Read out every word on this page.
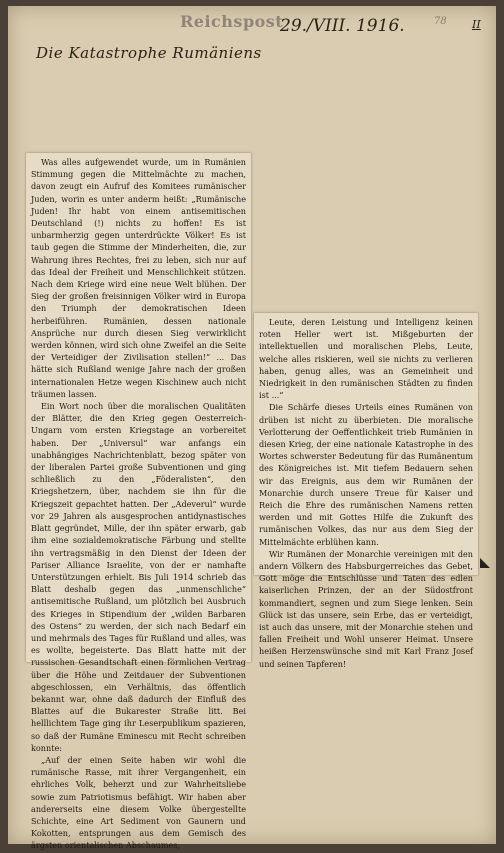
Reichspost
29./VIII. 1916.	78 II
Die Katastrophe Rumäniens

Was alles aufgewendet wurde, um in Rumänien Stimmung gegen die Mittelmächte zu machen, davon zeugt ein Aufruf des Komitees rumänischer Juden, worin es unter anderm heißt: „Rumänische Juden! Ihr habt von einem antisemitischen Deutschland (!) nichts zu hoffen! Es ist unbarmherzig gegen unterdrückte Völker! Es ist taub gegen die Stimme der Minderheiten, die, zur Wahrung ihres Rechtes, frei zu leben, sich nur auf das Ideal der Freiheit und Menschlichkeit stützen. Nach dem Kriege wird eine neue Welt blühen. Der Sieg der großen freisinnigen Völker wird in Europa den Triumph der demokratischen Ideen herbeiführen. Rumänien, dessen nationale Ansprüche nur durch diesen Sieg verwirklicht werden können, wird sich ohne Zweifel an die Seite der Verteidiger der Zivilisation stellen!“ ... Das hätte sich Rußland wenige Jahre nach der großen internationalen Hetze wegen Kischinew auch nicht träumen lassen.

Ein Wort noch über die moralischen Qualitäten der Blätter, die den Krieg gegen Oesterreich-Ungarn vom ersten Kriegstage an vorbereitet haben. Der „Universul“ war anfangs ein unabhängiges Nachrichtenblatt, bezog später von der liberalen Partei große Subventionen und ging schließlich zu den „Föderalisten“, den Kriegshetzern, über, nachdem sie ihn für die Kriegszeit gepachtet hatten. Der „Adeverul“ wurde vor 29 Jahren als ausgesprochen antidynastisches Blatt gegründet, Mille, der ihn später erwarb, gab ihm eine sozialdemokratische Färbung und stellte ihn vertragsmäßig in den Dienst der Ideen der Pariser Alliance Israelite, von der er namhafte Unterstützungen erhielt. Bis Juli 1914 schrieb das Blatt deshalb gegen das „unmenschliche“ antisemitische Rußland, um plötzlich bei Ausbruch des Krieges in Stipendium der „wilden Barbaren des Ostens“ zu werden, der sich nach Bedarf ein und mehrmals des Tages für Rußland und alles, was es wollte, begeisterte. Das Blatt hatte mit der russischen Gesandtschaft einen förmlichen Vertrag über die Höhe und Zeitdauer der Subventionen abgeschlossen, ein Verhältnis, das öffentlich bekannt war, ohne daß dadurch der Einfluß des Blattes auf die Bukarester Straße litt. Bei helllichtem Tage ging ihr Leserpublikum spazieren, so daß der Rumäne Eminescu mit Recht schreiben konnte:

„Auf der einen Seite haben wir wohl die rumänische Rasse, mit ihrer Vergangenheit, ein ehrliches Volk, beherzt und zur Wahrheitsliebe sowie zum Patriotismus befähigt. Wir haben aber andererseits eine diesem Volke übergestellte Schichte, eine Art Sediment von Gaunern und Kokotten, entsprungen aus dem Gemisch des ärgsten orientalischen Abschaumes,

Leute, deren Leistung und Intelligenz keinen roten Heller wert ist. Mißgeburten der intellektuellen und moralischen Plebs, Leute, welche alles riskieren, weil sie nichts zu verlieren haben, genug alles, was an Gemeinheit und Niedrigkeit in den rumänischen Städten zu finden ist ...“

Die Schärfe dieses Urteils eines Rumänen von drüben ist nicht zu überbieten. Die moralische Verlotterung der Oeffentlichkeit trieb Rumänien in diesen Krieg, der eine nationale Katastrophe in des Wortes schwerster Bedeutung für das Rumänentum des Königreiches ist. Mit tiefem Bedauern sehen wir das Ereignis, aus dem wir Rumänen der Monarchie durch unsere Treue für Kaiser und Reich die Ehre des rumänischen Namens retten werden und mit Gottes Hilfe die Zukunft des rumänischen Volkes, das nur aus dem Sieg der Mittelmächte erblühen kann.

Wir Rumänen der Monarchie vereinigen mit den andern Völkern des Habsburgerreiches das Gebet, Gott möge die Entschlüsse und Taten des edlen kaiserlichen Prinzen, der an der Südostfront kommandiert, segnen und zum Siege lenken. Sein Glück ist das unsere, sein Erbe, das er verteidigt, ist auch das unsere, mit der Monarchie stehen und fallen Freiheit und Wohl unserer Heimat. Unsere heißen Herzenswünsche sind mit Karl Franz Josef und seinen Tapferen!
